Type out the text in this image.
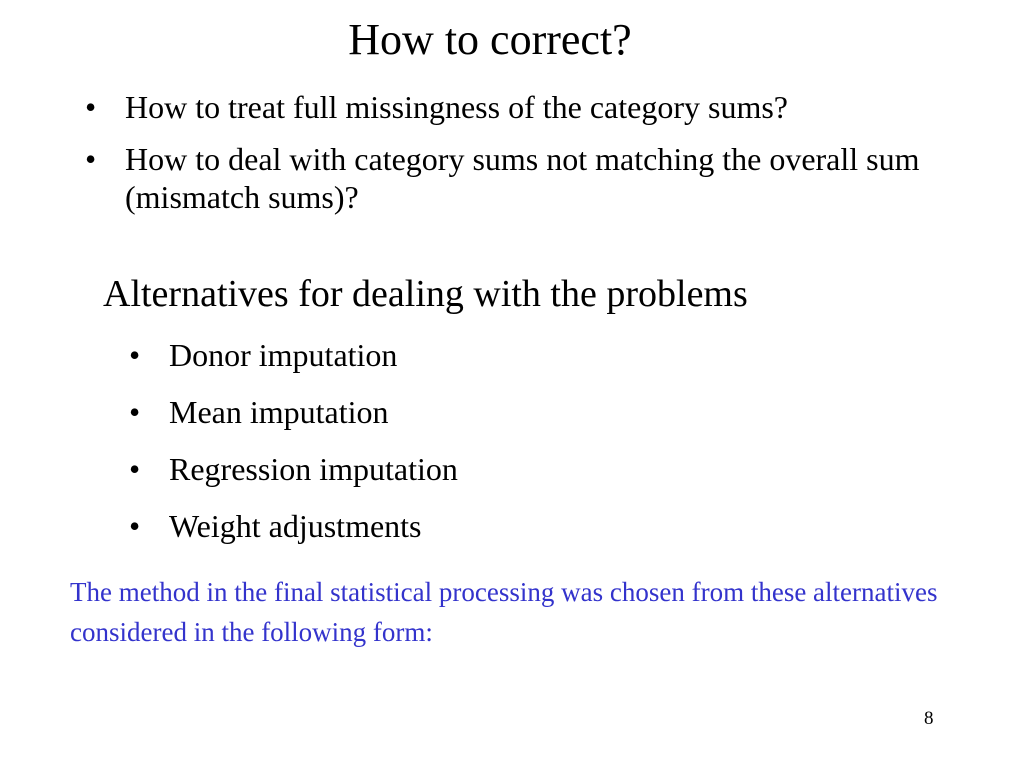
How to correct?
• How to treat full missingness of the category sums?
• How to deal with category sums not matching the overall sum (mismatch sums)?
Alternatives for dealing with the problems
• Donor imputation
• Mean imputation
• Regression imputation
• Weight adjustments

The method in the final statistical processing was chosen from these alternatives considered in the following form:

8
